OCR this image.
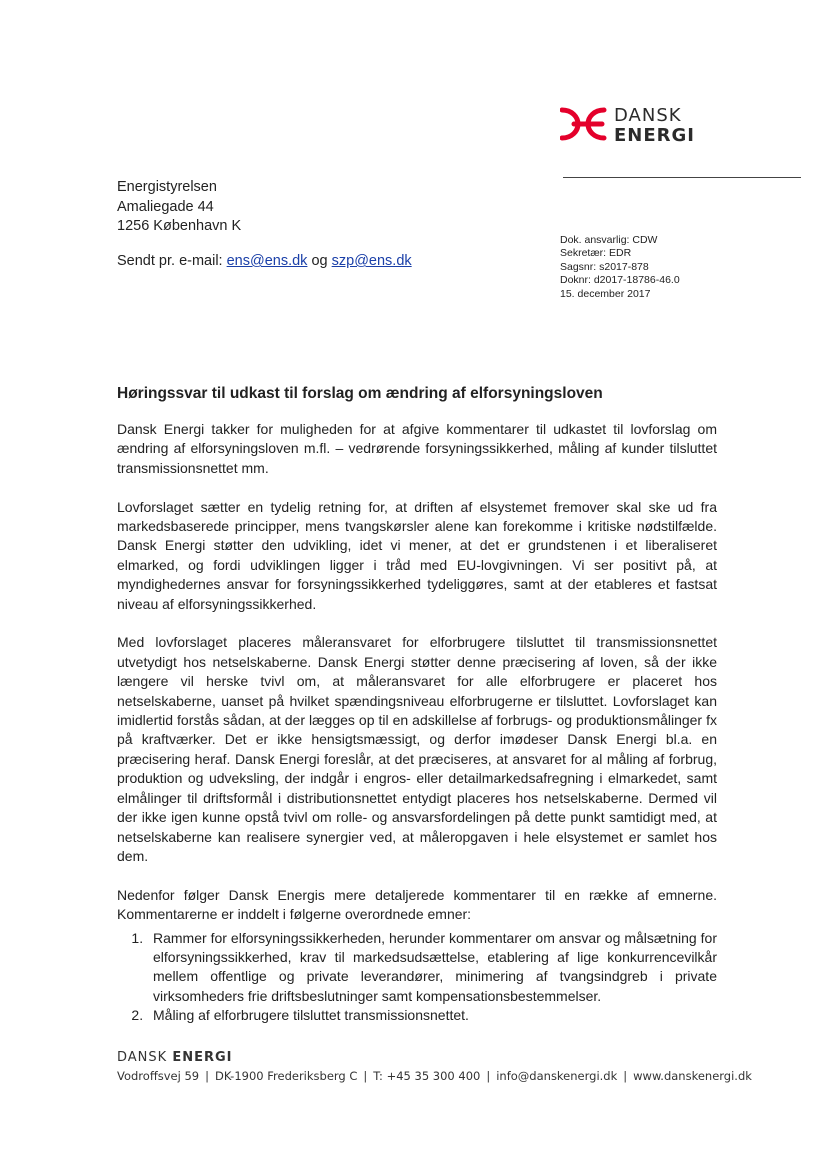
DANSK
ENERGI
Energistyrelsen
Amaliegade 44
1256 København K
Sendt pr. e-mail: ens@ens.dk og szp@ens.dk
Dok. ansvarlig: CDW
Sekretær: EDR
Sagsnr: s2017-878
Doknr: d2017-18786-46.0
15. december 2017
Høringssvar til udkast til forslag om ændring af elforsyningsloven

Dansk Energi takker for muligheden for at afgive kommentarer til udkastet til lovforslag om ændring af elforsyningsloven m.fl. – vedrørende forsyningssikkerhed, måling af kunder tilsluttet transmissionsnettet mm.

Lovforslaget sætter en tydelig retning for, at driften af elsystemet fremover skal ske ud fra markedsbaserede principper, mens tvangskørsler alene kan forekomme i kritiske nødstilfælde. Dansk Energi støtter den udvikling, idet vi mener, at det er grundstenen i et liberaliseret elmarked, og fordi udviklingen ligger i tråd med EU-lovgivningen. Vi ser positivt på, at myndighedernes ansvar for forsyningssikkerhed tydeliggøres, samt at der etableres et fastsat niveau af elforsyningssikkerhed.

Med lovforslaget placeres måleransvaret for elforbrugere tilsluttet til transmissionsnettet utvetydigt hos netselskaberne. Dansk Energi støtter denne præcisering af loven, så der ikke længere vil herske tvivl om, at måleransvaret for alle elforbrugere er placeret hos netselskaberne, uanset på hvilket spændingsniveau elforbrugerne er tilsluttet. Lovforslaget kan imidlertid forstås sådan, at der lægges op til en adskillelse af forbrugs- og produktionsmålinger fx på kraftværker. Det er ikke hensigtsmæssigt, og derfor imødeser Dansk Energi bl.a. en præcisering heraf. Dansk Energi foreslår, at det præciseres, at ansvaret for al måling af forbrug, produktion og udveksling, der indgår i engros- eller detailmarkedsafregning i elmarkedet, samt elmålinger til driftsformål i distributionsnettet entydigt placeres hos netselskaberne. Dermed vil der ikke igen kunne opstå tvivl om rolle- og ansvarsfordelingen på dette punkt samtidigt med, at netselskaberne kan realisere synergier ved, at måleropgaven i hele elsystemet er samlet hos dem.

Nedenfor følger Dansk Energis mere detaljerede kommentarer til en række af emnerne. Kommentarerne er inddelt i følgerne overordnede emner:

1. Rammer for elforsyningssikkerheden, herunder kommentarer om ansvar og målsætning for elforsyningssikkerhed, krav til markedsudsættelse, etablering af lige konkurrencevilkår mellem offentlige og private leverandører, minimering af tvangsindgreb i private virksomheders frie driftsbeslutninger samt kompensationsbestemmelser.
2. Måling af elforbrugere tilsluttet transmissionsnettet.
DANSK ENERGI
Vodroffsvej 59 | DK-1900 Frederiksberg C | T: +45 35 300 400 | info@danskenergi.dk | www.danskenergi.dk
